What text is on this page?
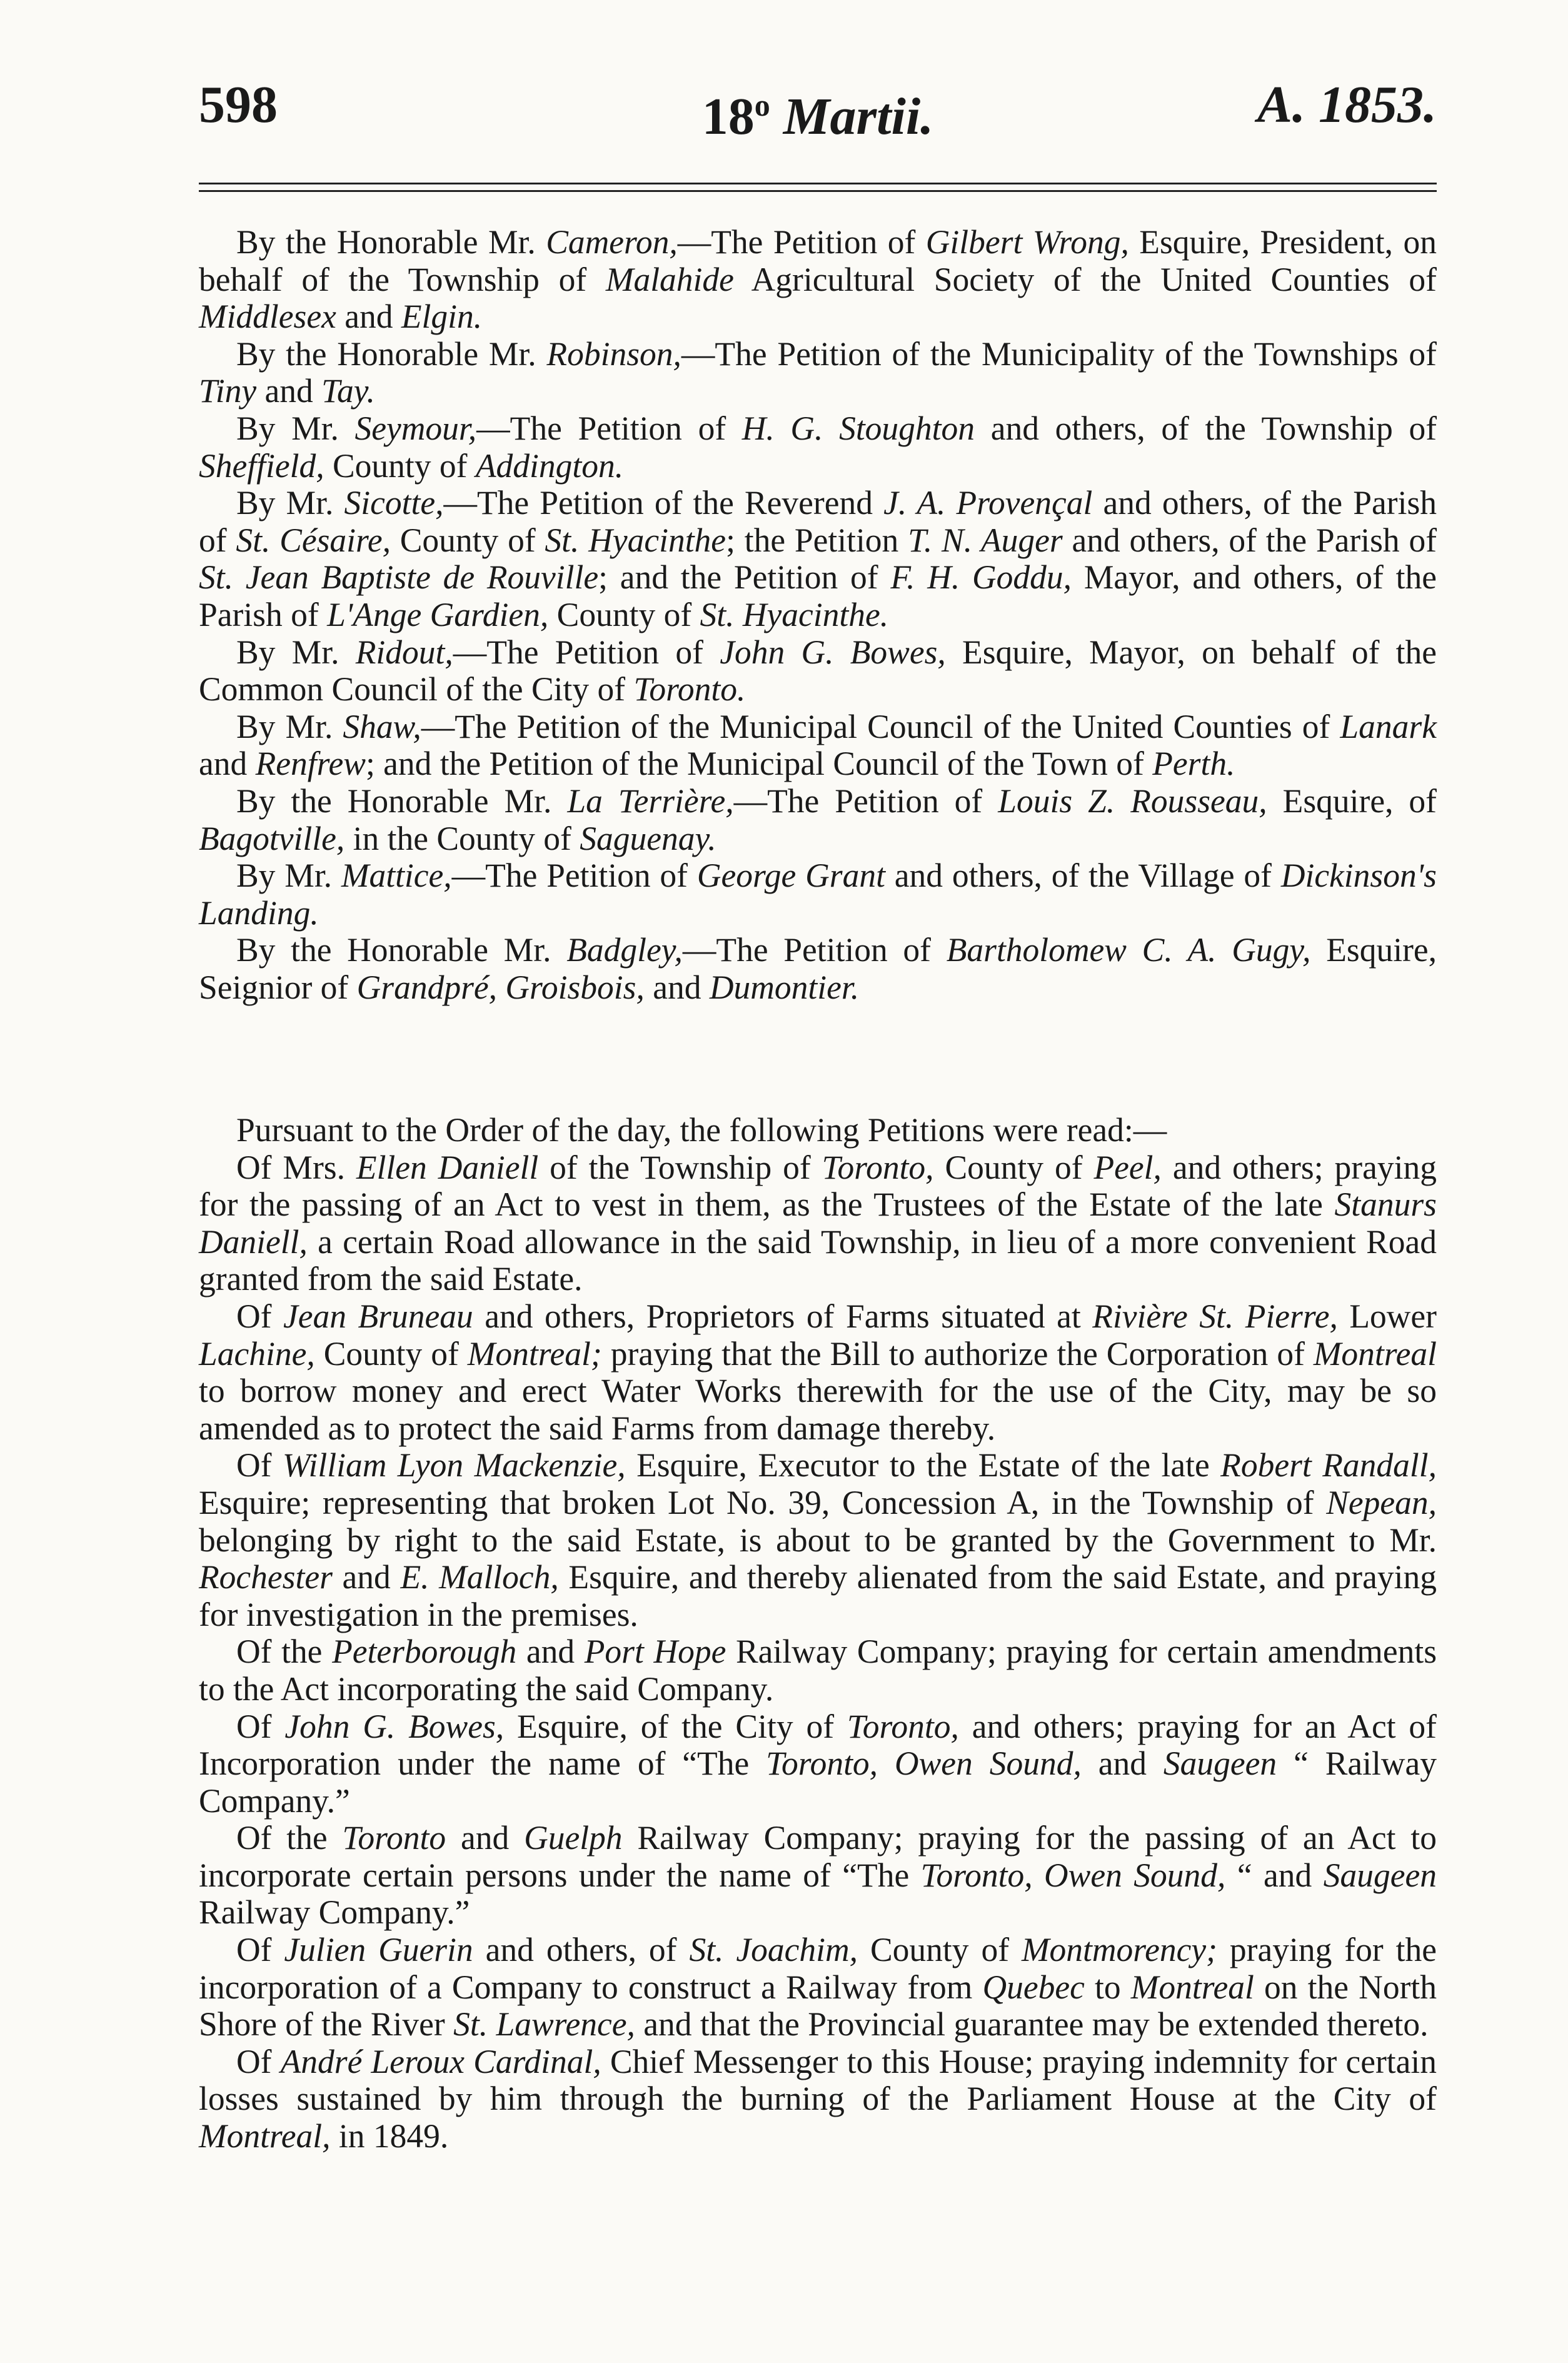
598	18$^o$ Martii.	A. 1853.

By the Honorable Mr. Cameron,—The Petition of Gilbert Wrong, Esquire, President, on behalf of the Township of Malahide Agricultural Society of the United Counties of Middlesex and Elgin.

By the Honorable Mr. Robinson,—The Petition of the Municipality of the Townships of Tiny and Tay.

By Mr. Seymour,—The Petition of H. G. Stoughton and others, of the Township of Sheffield, County of Addington.

By Mr. Sicotte,—The Petition of the Reverend J. A. Provençal and others, of the Parish of St. Césaire, County of St. Hyacinthe; the Petition T. N. Auger and others, of the Parish of St. Jean Baptiste de Rouville; and the Petition of F. H. Goddu, Mayor, and others, of the Parish of L'Ange Gardien, County of St. Hyacinthe.

By Mr. Ridout,—The Petition of John G. Bowes, Esquire, Mayor, on behalf of the Common Council of the City of Toronto.

By Mr. Shaw,—The Petition of the Municipal Council of the United Counties of Lanark and Renfrew; and the Petition of the Municipal Council of the Town of Perth.

By the Honorable Mr. La Terrière,—The Petition of Louis Z. Rousseau, Esquire, of Bagotville, in the County of Saguenay.

By Mr. Mattice,—The Petition of George Grant and others, of the Village of Dickinson's Landing.

By the Honorable Mr. Badgley,—The Petition of Bartholomew C. A. Gugy, Esquire, Seignior of Grandpré, Groisbois, and Dumontier.

Pursuant to the Order of the day, the following Petitions were read:—

Of Mrs. Ellen Daniell of the Township of Toronto, County of Peel, and others; praying for the passing of an Act to vest in them, as the Trustees of the Estate of the late Stanurs Daniell, a certain Road allowance in the said Township, in lieu of a more convenient Road granted from the said Estate.

Of Jean Bruneau and others, Proprietors of Farms situated at Rivière St. Pierre, Lower Lachine, County of Montreal; praying that the Bill to authorize the Corporation of Montreal to borrow money and erect Water Works therewith for the use of the City, may be so amended as to protect the said Farms from damage thereby.

Of William Lyon Mackenzie, Esquire, Executor to the Estate of the late Robert Randall, Esquire; representing that broken Lot No. 39, Concession A, in the Township of Nepean, belonging by right to the said Estate, is about to be granted by the Government to Mr. Rochester and E. Malloch, Esquire, and thereby alienated from the said Estate, and praying for investigation in the premises.

Of the Peterborough and Port Hope Railway Company; praying for certain amendments to the Act incorporating the said Company.

Of John G. Bowes, Esquire, of the City of Toronto, and others; praying for an Act of Incorporation under the name of “The Toronto, Owen Sound, and Saugeen “ Railway Company.”

Of the Toronto and Guelph Railway Company; praying for the passing of an Act to incorporate certain persons under the name of “The Toronto, Owen Sound, “ and Saugeen Railway Company.”

Of Julien Guerin and others, of St. Joachim, County of Montmorency; praying for the incorporation of a Company to construct a Railway from Quebec to Montreal on the North Shore of the River St. Lawrence, and that the Provincial guarantee may be extended thereto.

Of André Leroux Cardinal, Chief Messenger to this House; praying indemnity for certain losses sustained by him through the burning of the Parliament House at the City of Montreal, in 1849.
